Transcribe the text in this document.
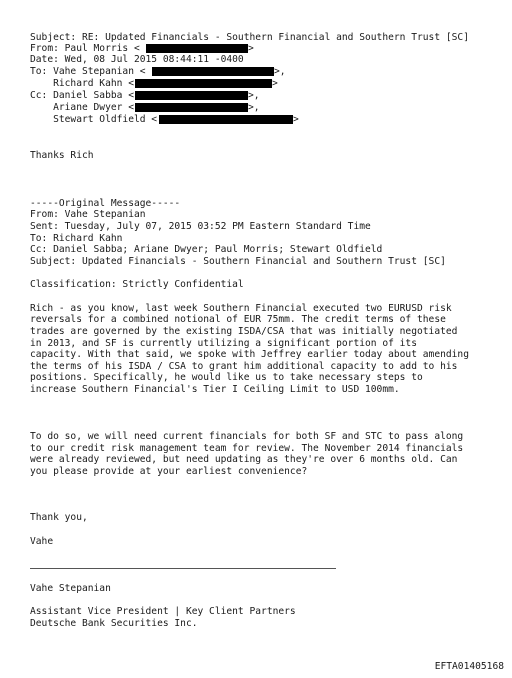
Subject: RE: Updated Financials - Southern Financial and Southern Trust [SC]
From: Paul Morris <	>
Date: Wed, 08 Jul 2015 08:44:11 -0400
To: Vahe Stepanian <	>,
Richard Kahn <	>
Cc: Daniel Sabba <	>,
Ariane Dwyer <	>,
Stewart Oldfield <	>
Thanks Rich
-----Original Message-----
From: Vahe Stepanian
Sent: Tuesday, July 07, 2015 03:52 PM Eastern Standard Time
To: Richard Kahn
Cc: Daniel Sabba; Ariane Dwyer; Paul Morris; Stewart Oldfield
Subject: Updated Financials - Southern Financial and Southern Trust [SC]
Classification: Strictly Confidential
Rich - as you know, last week Southern Financial executed two EURUSD risk
reversals for a combined notional of EUR 75mm. The credit terms of these
trades are governed by the existing ISDA/CSA that was initially negotiated
in 2013, and SF is currently utilizing a significant portion of its
capacity. With that said, we spoke with Jeffrey earlier today about amending
the terms of his ISDA / CSA to grant him additional capacity to add to his
positions. Specifically, he would like us to take necessary steps to
increase Southern Financial's Tier I Ceiling Limit to USD 100mm.
To do so, we will need current financials for both SF and STC to pass along
to our credit risk management team for review. The November 2014 financials
were already reviewed, but need updating as they're over 6 months old. Can
you please provide at your earliest convenience?
Thank you,
Vahe
Vahe Stepanian
Assistant Vice President | Key Client Partners
Deutsche Bank Securities Inc.
EFTA01405168
